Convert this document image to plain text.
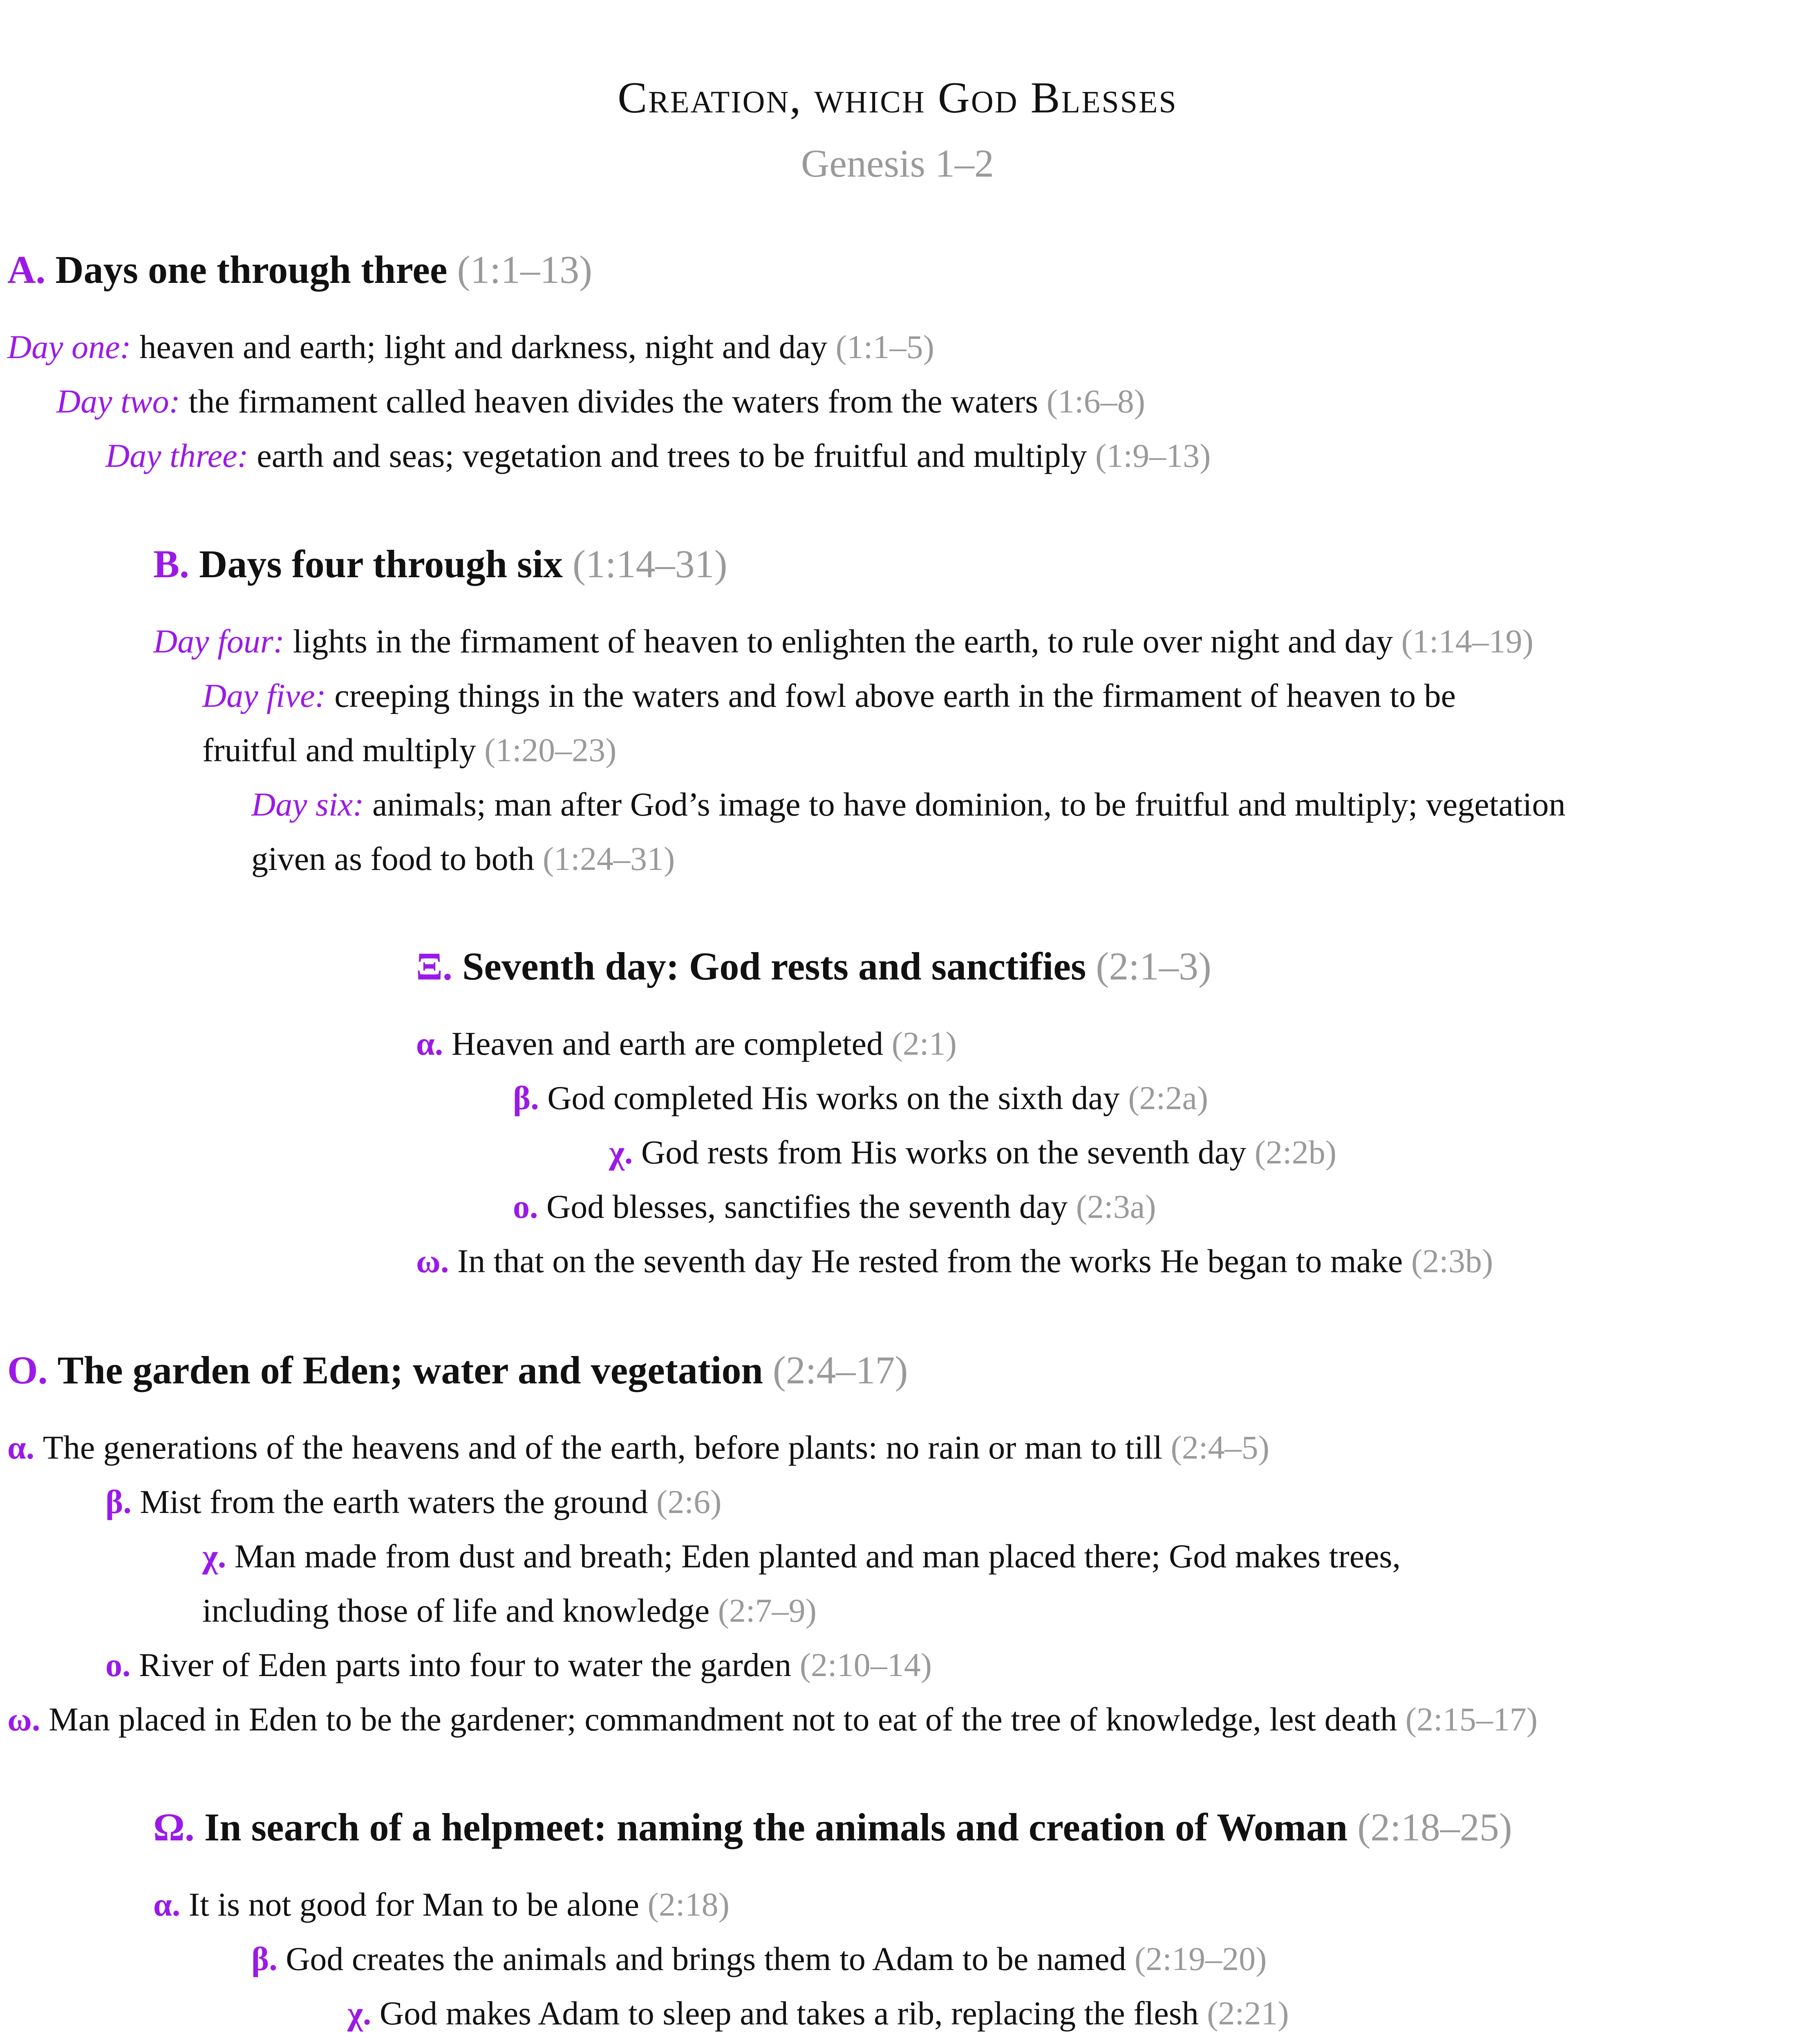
Creation, which God Blesses
Genesis 1–2
A. Days one through three (1:1–13)
Day one: heaven and earth; light and darkness, night and day (1:1–5)
Day two: the firmament called heaven divides the waters from the waters (1:6–8)
Day three: earth and seas; vegetation and trees to be fruitful and multiply (1:9–13)
B. Days four through six (1:14–31)
Day four: lights in the firmament of heaven to enlighten the earth, to rule over night and day (1:14–19)
Day five: creeping things in the waters and fowl above earth in the firmament of heaven to be
fruitful and multiply (1:20–23)
Day six: animals; man after God’s image to have dominion, to be fruitful and multiply; vegetation
given as food to both (1:24–31)
Ξ. Seventh day: God rests and sanctifies (2:1–3)
α. Heaven and earth are completed (2:1)
β. God completed His works on the sixth day (2:2a)
χ. God rests from His works on the seventh day (2:2b)
ο. God blesses, sanctifies the seventh day (2:3a)
ω. In that on the seventh day He rested from the works He began to make (2:3b)
O. The garden of Eden; water and vegetation (2:4–17)
α. The generations of the heavens and of the earth, before plants: no rain or man to till (2:4–5)
β. Mist from the earth waters the ground (2:6)
χ. Man made from dust and breath; Eden planted and man placed there; God makes trees,
including those of life and knowledge (2:7–9)
ο. River of Eden parts into four to water the garden (2:10–14)
ω. Man placed in Eden to be the gardener; commandment not to eat of the tree of knowledge, lest death (2:15–17)
Ω. In search of a helpmeet: naming the animals and creation of Woman (2:18–25)
α. It is not good for Man to be alone (2:18)
β. God creates the animals and brings them to Adam to be named (2:19–20)
χ. God makes Adam to sleep and takes a rib, replacing the flesh (2:21)
